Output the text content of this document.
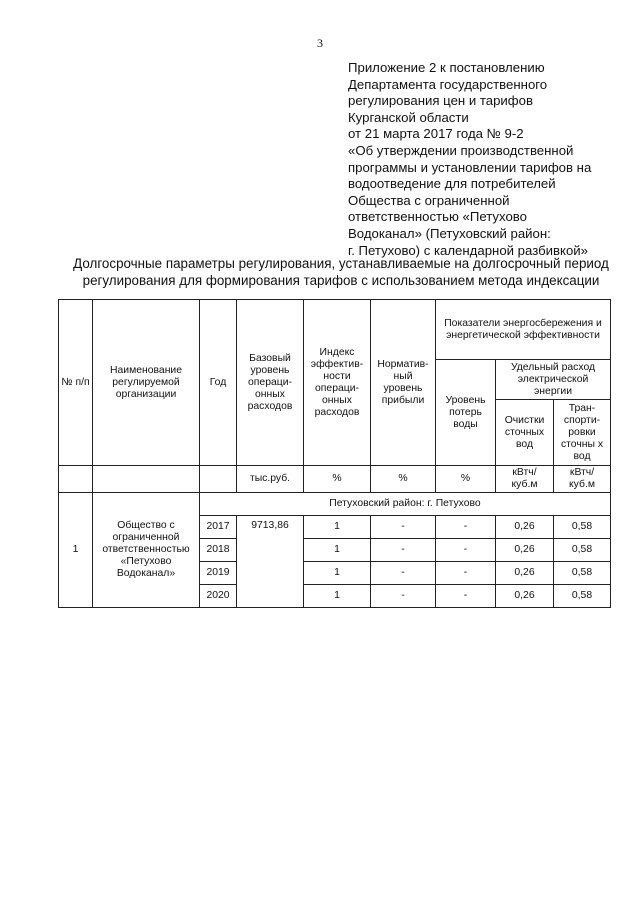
3
Приложение 2 к постановлению
Департамента государственного
регулирования цен и тарифов
Курганской области
от 21 марта 2017 года № 9-2
«Об утверждении производственной
программы и установлении тарифов на
водоотведение для потребителей
Общества с ограниченной
ответственностью «Петухово
Водоканал» (Петуховский район:
г. Петухово) с календарной разбивкой»
Долгосрочные параметры регулирования, устанавливаемые на долгосрочный период
регулирования для формирования тарифов с использованием метода индексации
№ п/п	Наименование регулируемой организации	Год	Базовый уровень операци-онных расходов	Индекс эффектив-ности операци-онных расходов	Норматив-ный уровень прибыли	Показатели энергосбережения и энергетической эффективности		
						Уровень потерь воды	Удельный расход электрической энергии	
							Очистки сточных вод	Тран-спорти-ровки сточны х вод
			тыс.руб.	%	%	%	кВтч/ куб.м	кВтч/ куб.м
1	Общество с ограниченной ответственностью «Петухово Водоканал»	Петуховский район: г. Петухово						
		2017	9713,86	1	-	-	0,26	0,58
		2018		1	-	-	0,26	0,58
		2019		1	-	-	0,26	0,58
		2020		1	-	-	0,26	0,58
